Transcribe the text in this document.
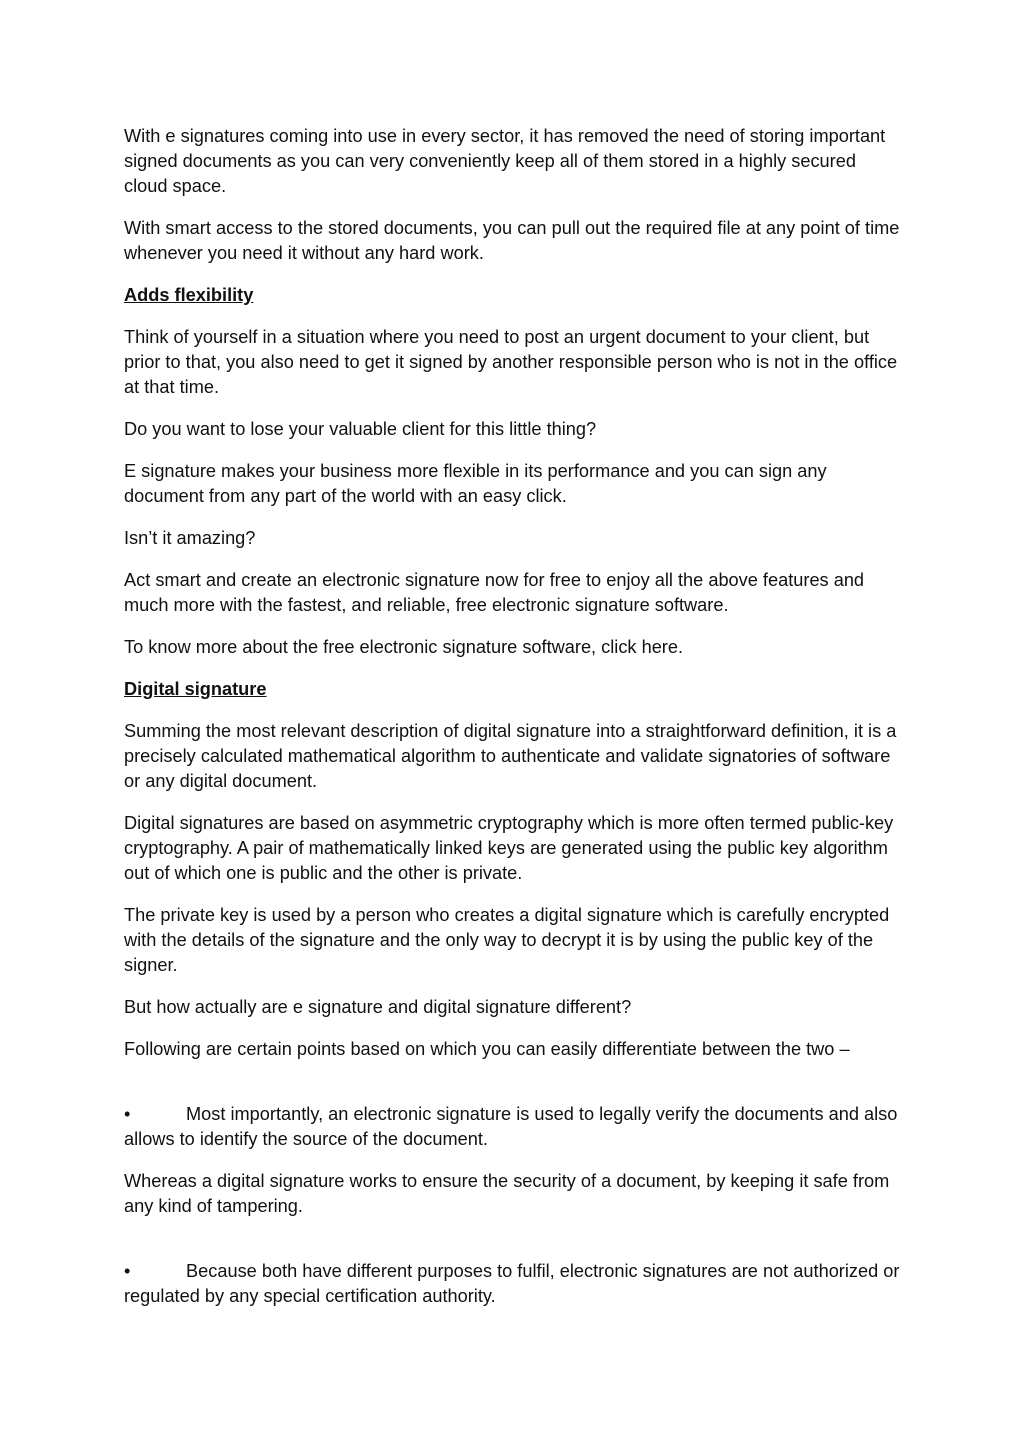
With e signatures coming into use in every sector, it has removed the need of storing important signed documents as you can very conveniently keep all of them stored in a highly secured cloud space.

With smart access to the stored documents, you can pull out the required file at any point of time whenever you need it without any hard work.

Adds flexibility

Think of yourself in a situation where you need to post an urgent document to your client, but prior to that, you also need to get it signed by another responsible person who is not in the office at that time.

Do you want to lose your valuable client for this little thing?

E signature makes your business more flexible in its performance and you can sign any document from any part of the world with an easy click.

Isn’t it amazing?

Act smart and create an electronic signature now for free to enjoy all the above features and much more with the fastest, and reliable, free electronic signature software.

To know more about the free electronic signature software, click here.

Digital signature

Summing the most relevant description of digital signature into a straightforward definition, it is a precisely calculated mathematical algorithm to authenticate and validate signatories of software or any digital document.

Digital signatures are based on asymmetric cryptography which is more often termed public-key cryptography. A pair of mathematically linked keys are generated using the public key algorithm out of which one is public and the other is private.

The private key is used by a person who creates a digital signature which is carefully encrypted with the details of the signature and the only way to decrypt it is by using the public key of the signer.

But how actually are e signature and digital signature different?

Following are certain points based on which you can easily differentiate between the two –

•	Most importantly, an electronic signature is used to legally verify the documents and also allows to identify the source of the document.

Whereas a digital signature works to ensure the security of a document, by keeping it safe from any kind of tampering.

•	Because both have different purposes to fulfil, electronic signatures are not authorized or regulated by any special certification authority.
